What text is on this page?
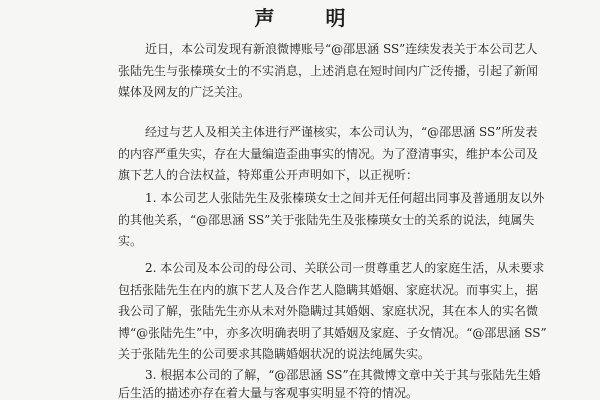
声 明
近日，本公司发现有新浪微博账号“@邵思涵 SS”连续发表关于本公司艺人
张陆先生与张榛瑛女士的不实消息，上述消息在短时间内广泛传播，引起了新闻
媒体及网友的广泛关注。
经过与艺人及相关主体进行严谨核实，本公司认为，“@邵思涵 SS”所发表
的内容严重失实，存在大量编造歪曲事实的情况。为了澄清事实，维护本公司及
旗下艺人的合法权益，特郑重公开声明如下，以正视听：
1. 本公司艺人张陆先生及张榛瑛女士之间并无任何超出同事及普通朋友以外
的其他关系，“@邵思涵 SS”关于张陆先生及张榛瑛女士的关系的说法，纯属失
实。
2. 本公司及本公司的母公司、关联公司一贯尊重艺人的家庭生活，从未要求
包括张陆先生在内的旗下艺人及合作艺人隐瞒其婚姻、家庭状况。而事实上，据
我公司了解，张陆先生亦从未对外隐瞒过其婚姻、家庭状况，其在本人的实名微
博“@张陆先生”中，亦多次明确表明了其婚姻及家庭、子女情况。“@邵思涵 SS”
关于张陆先生的公司要求其隐瞒婚姻状况的说法纯属失实。
3. 根据本公司的了解，“@邵思涵 SS”在其微博文章中关于其与张陆先生婚
后生活的描述亦存在着大量与客观事实明显不符的情况。
